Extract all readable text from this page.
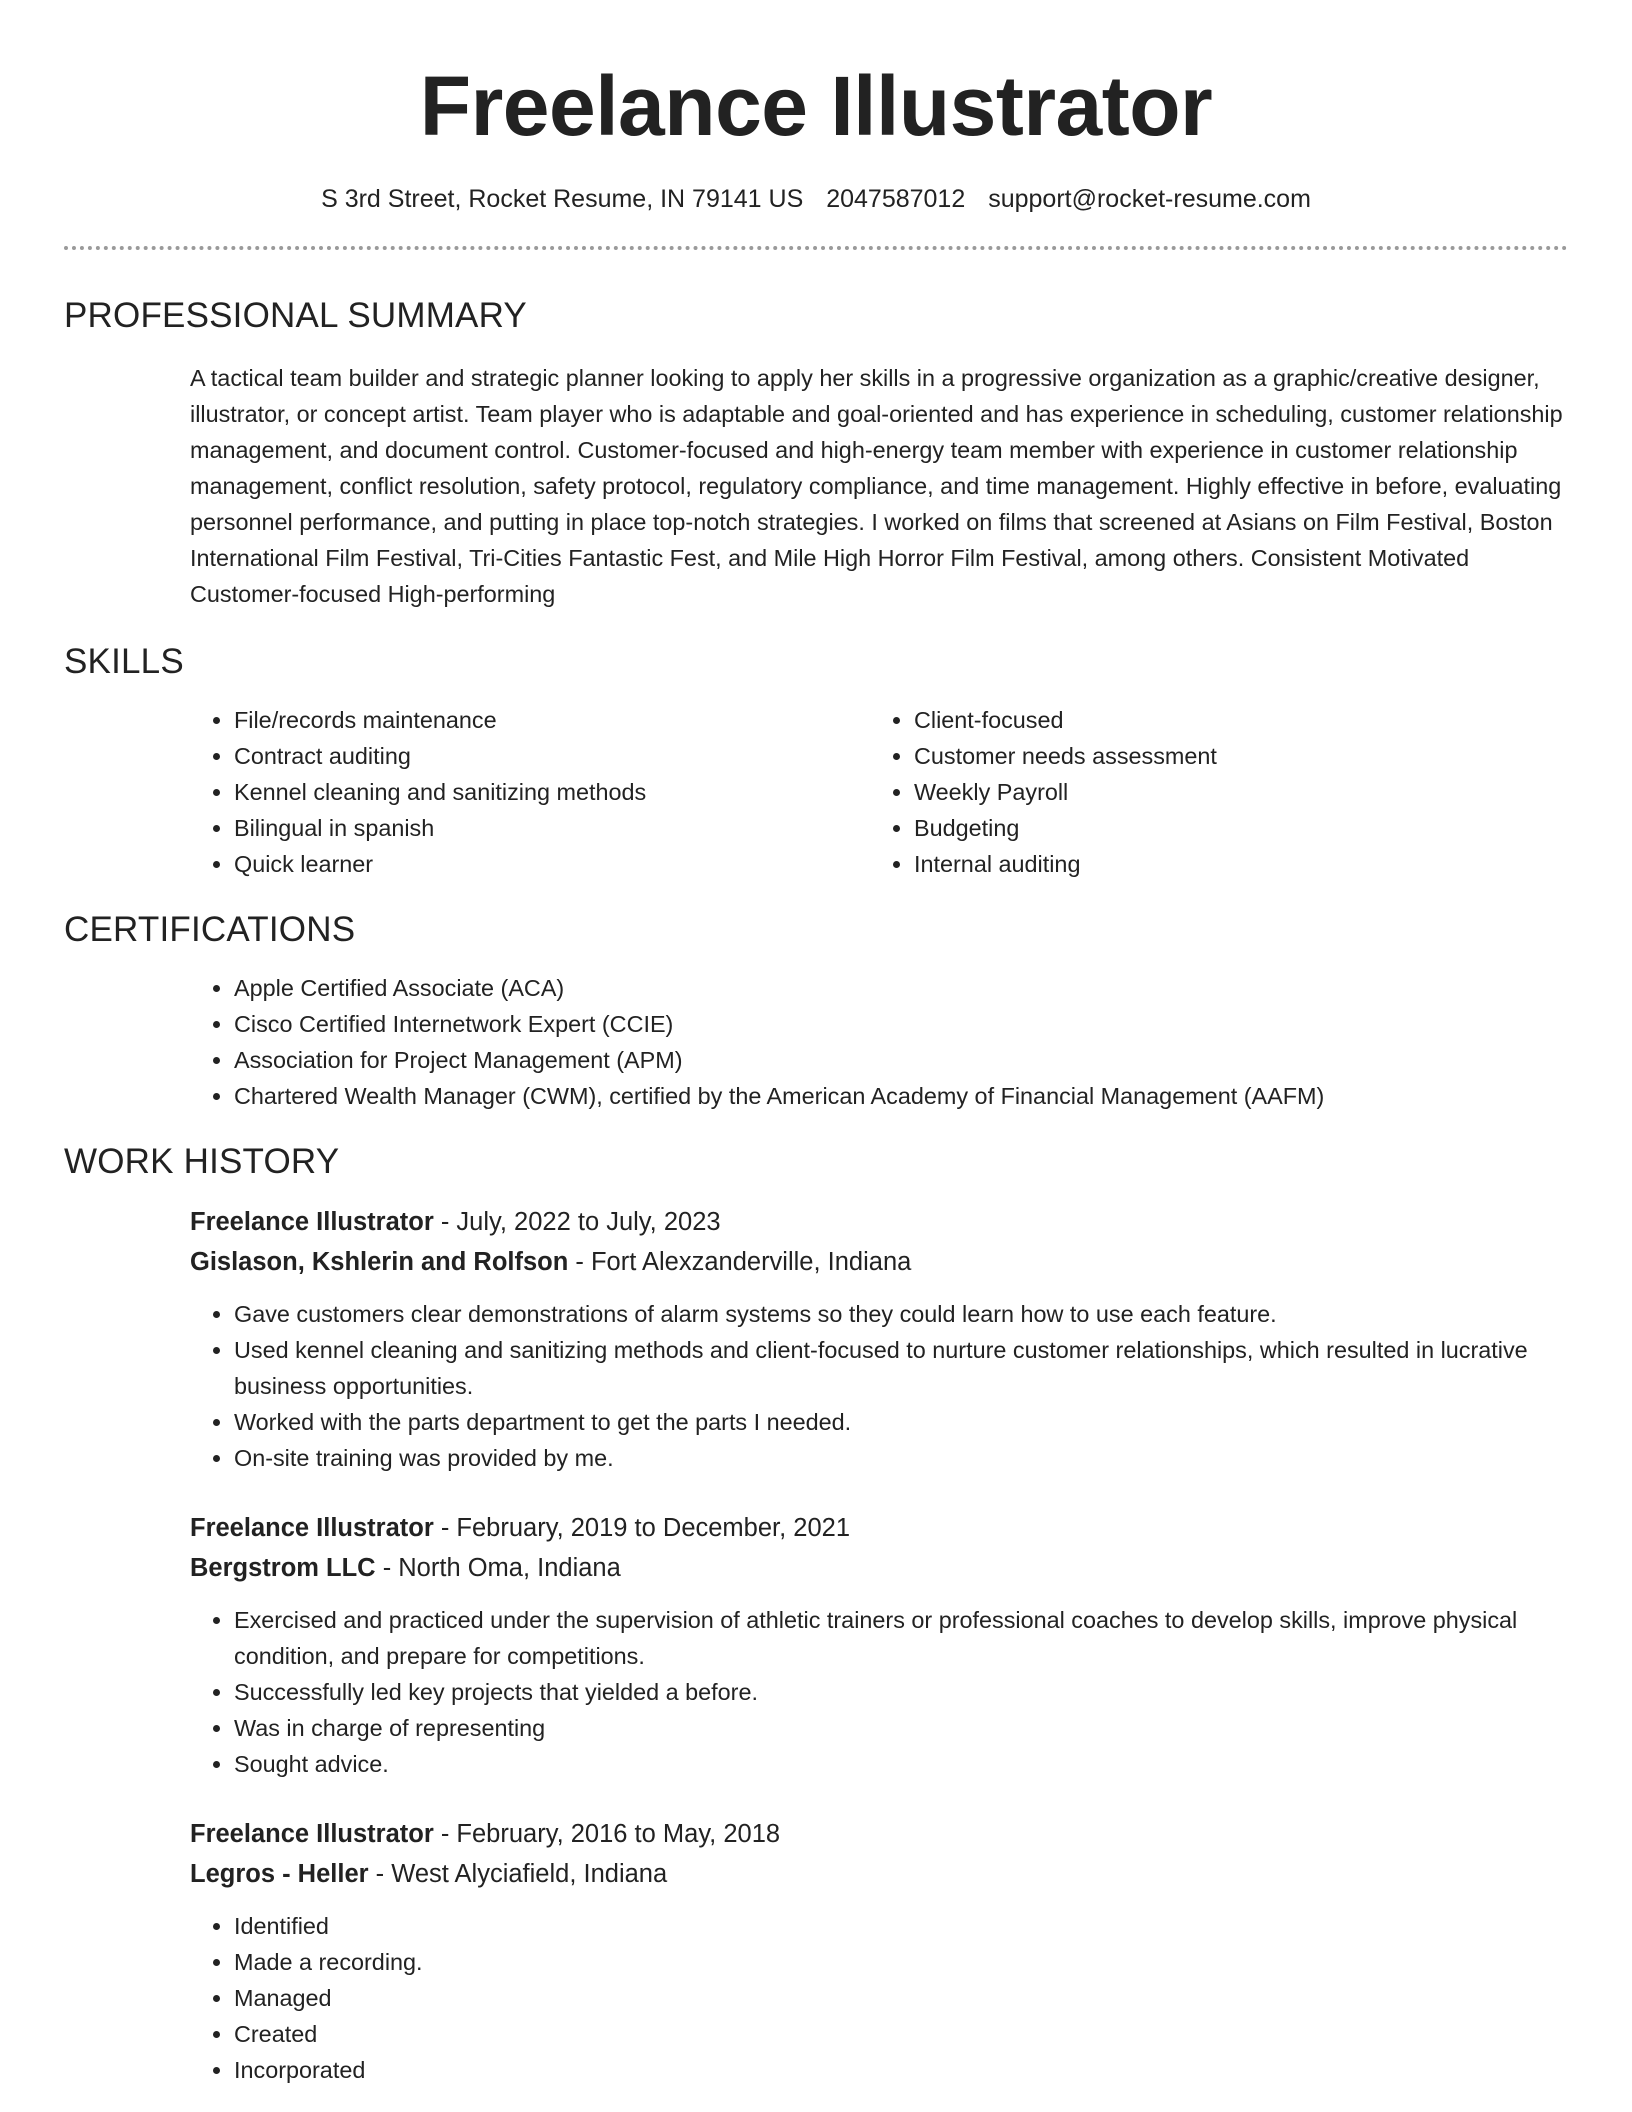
Freelance Illustrator
S 3rd Street, Rocket Resume, IN 79141 US 2047587012 support@rocket-resume.com
PROFESSIONAL SUMMARY

A tactical team builder and strategic planner looking to apply her skills in a progressive organization as a graphic/creative designer, illustrator, or concept artist. Team player who is adaptable and goal-oriented and has experience in scheduling, customer relationship management, and document control. Customer-focused and high-energy team member with experience in customer relationship management, conflict resolution, safety protocol, regulatory compliance, and time management. Highly effective in before, evaluating personnel performance, and putting in place top-notch strategies. I worked on films that screened at Asians on Film Festival, Boston International Film Festival, Tri-Cities Fantastic Fest, and Mile High Horror Film Festival, among others. Consistent Motivated Customer-focused High-performing

SKILLS
• File/records maintenance
• Contract auditing
• Kennel cleaning and sanitizing methods
• Bilingual in spanish
• Quick learner
• Client-focused
• Customer needs assessment
• Weekly Payroll
• Budgeting
• Internal auditing
CERTIFICATIONS
• Apple Certified Associate (ACA)
• Cisco Certified Internetwork Expert (CCIE)
• Association for Project Management (APM)
• Chartered Wealth Manager (CWM), certified by the American Academy of Financial Management (AAFM)
WORK HISTORY
Freelance Illustrator - July, 2022 to July, 2023
Gislason, Kshlerin and Rolfson - Fort Alexzanderville, Indiana
• Gave customers clear demonstrations of alarm systems so they could learn how to use each feature.
• Used kennel cleaning and sanitizing methods and client-focused to nurture customer relationships, which resulted in lucrative business opportunities.
• Worked with the parts department to get the parts I needed.
• On-site training was provided by me.
Freelance Illustrator - February, 2019 to December, 2021
Bergstrom LLC - North Oma, Indiana
• Exercised and practiced under the supervision of athletic trainers or professional coaches to develop skills, improve physical condition, and prepare for competitions.
• Successfully led key projects that yielded a before.
• Was in charge of representing
• Sought advice.
Freelance Illustrator - February, 2016 to May, 2018
Legros - Heller - West Alyciafield, Indiana
• Identified
• Made a recording.
• Managed
• Created
• Incorporated
